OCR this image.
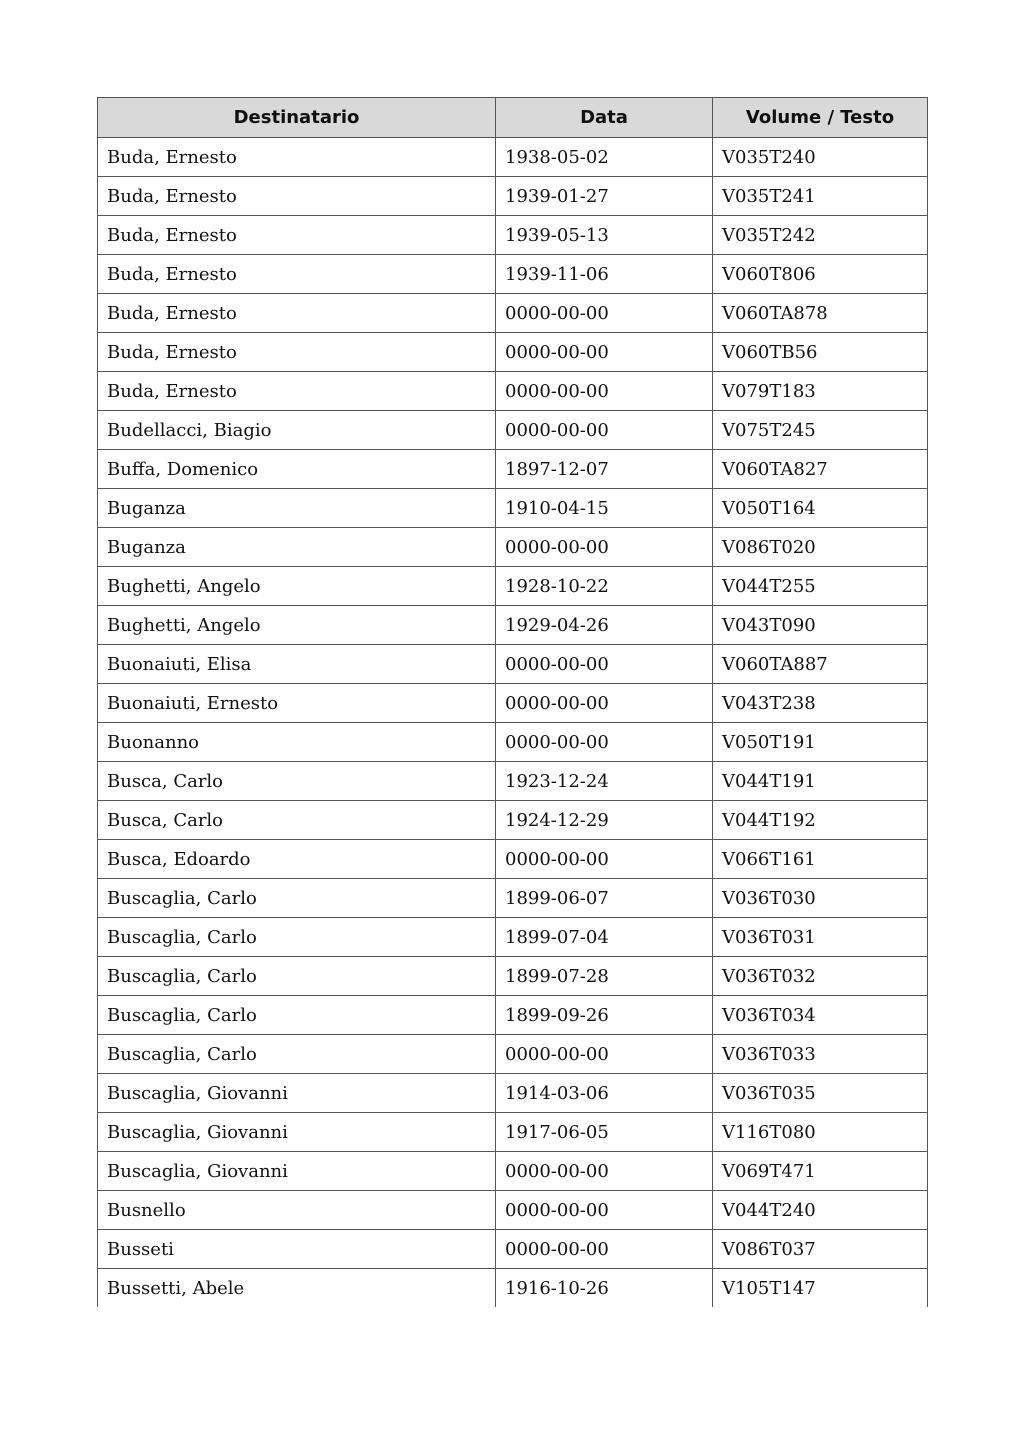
Destinatario	Data	Volume / Testo
Buda, Ernesto	1938-05-02	V035T240
Buda, Ernesto	1939-01-27	V035T241
Buda, Ernesto	1939-05-13	V035T242
Buda, Ernesto	1939-11-06	V060T806
Buda, Ernesto	0000-00-00	V060TA878
Buda, Ernesto	0000-00-00	V060TB56
Buda, Ernesto	0000-00-00	V079T183
Budellacci, Biagio	0000-00-00	V075T245
Buffa, Domenico	1897-12-07	V060TA827
Buganza	1910-04-15	V050T164
Buganza	0000-00-00	V086T020
Bughetti, Angelo	1928-10-22	V044T255
Bughetti, Angelo	1929-04-26	V043T090
Buonaiuti, Elisa	0000-00-00	V060TA887
Buonaiuti, Ernesto	0000-00-00	V043T238
Buonanno	0000-00-00	V050T191
Busca, Carlo	1923-12-24	V044T191
Busca, Carlo	1924-12-29	V044T192
Busca, Edoardo	0000-00-00	V066T161
Buscaglia, Carlo	1899-06-07	V036T030
Buscaglia, Carlo	1899-07-04	V036T031
Buscaglia, Carlo	1899-07-28	V036T032
Buscaglia, Carlo	1899-09-26	V036T034
Buscaglia, Carlo	0000-00-00	V036T033
Buscaglia, Giovanni	1914-03-06	V036T035
Buscaglia, Giovanni	1917-06-05	V116T080
Buscaglia, Giovanni	0000-00-00	V069T471
Busnello	0000-00-00	V044T240
Busseti	0000-00-00	V086T037
Bussetti, Abele	1916-10-26	V105T147
